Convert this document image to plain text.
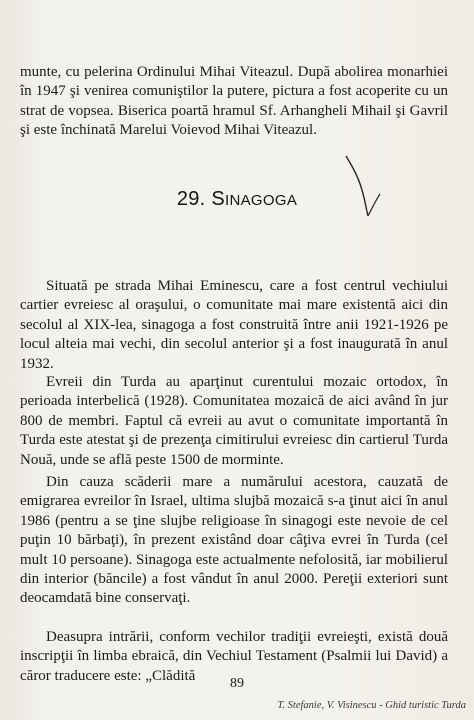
munte, cu pelerina Ordinului Mihai Viteazul. După abolirea monarhiei în 1947 şi venirea comuniştilor la putere, pictura a fost acoperite cu un strat de vopsea. Biserica poartă hramul Sf. Arhangheli Mihail şi Gavril şi este închinată Marelui Voievod Mihai Viteazul.

29. SINAGOGA

Situată pe strada Mihai Eminescu, care a fost centrul vechiului cartier evreiesc al oraşului, o comunitate mai mare existentă aici din secolul al XIX-lea, sinagoga a fost construită între anii 1921-1926 pe locul alteia mai vechi, din secolul anterior şi a fost inaugurată în anul 1932.

Evreii din Turda au aparţinut curentului mozaic ortodox, în perioada interbelică (1928). Comunitatea mozaică de aici având în jur 800 de membri. Faptul că evreii au avut o comunitate importantă în Turda este atestat şi de prezenţa cimitirului evreiesc din cartierul Turda Nouă, unde se află peste 1500 de morminte.

Din cauza scăderii mare a numărului acestora, cauzată de emigrarea evreilor în Israel, ultima slujbă mozaică s-a ţinut aici în anul 1986 (pentru a se ţine slujbe religioase în sinagogi este nevoie de cel puţin 10 bărbaţi), în prezent existând doar câţiva evrei în Turda (cel mult 10 persoane). Sinagoga este actualmente nefolosită, iar mobilierul din interior (băncile) a fost vândut în anul 2000. Pereţii exteriori sunt deocamdată bine conservaţi.

Deasupra intrării, conform vechilor tradiţii evreieşti, există două inscripţii în limba ebraică, din Vechiul Testament (Psalmii lui David) a căror traducere este: „Clădită	89
T. Stefanie, V. Visinescu - Ghid turistic Turda
